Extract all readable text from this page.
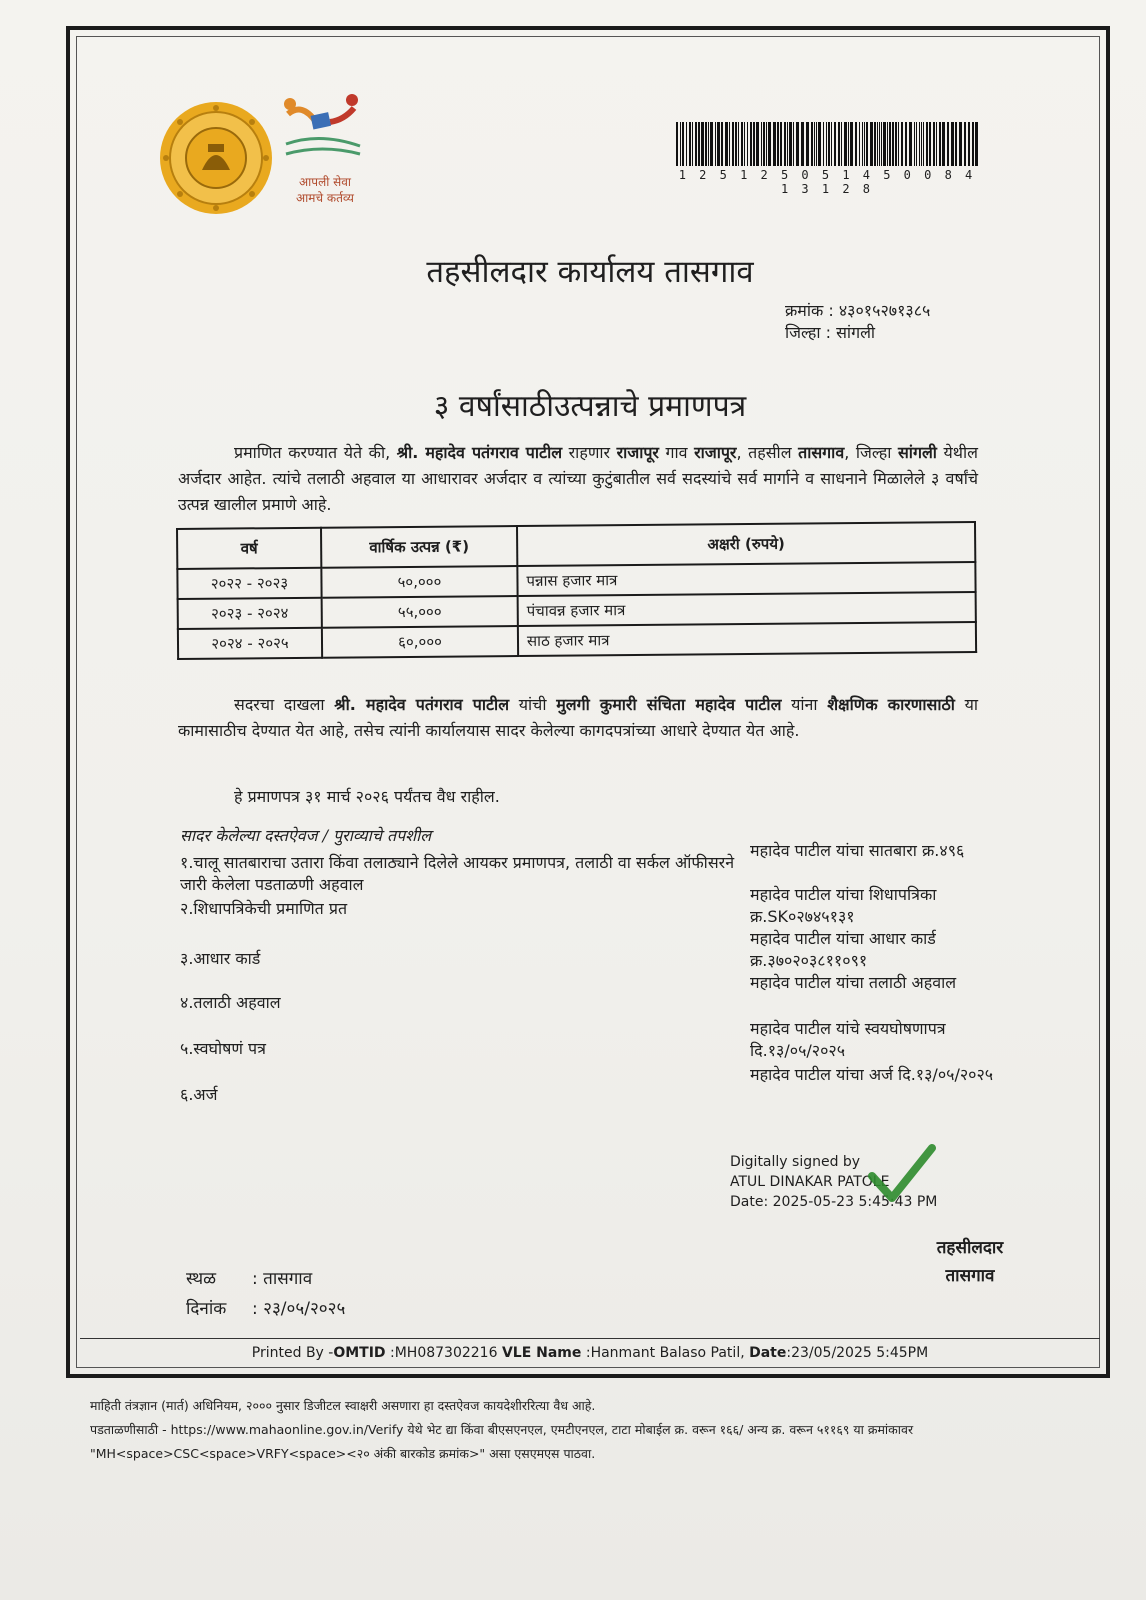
आपली सेवा
आमचे कर्तव्य
1 2 5 1 2 5 0 5 1 4 5 0 0 8 4 1 3 1 2 8
तहसीलदार कार्यालय तासगाव
क्रमांक : ४३०१५२७१३८५
जिल्हा : सांगली
३ वर्षांसाठीउत्पन्नाचे प्रमाणपत्र
प्रमाणित करण्यात येते की, श्री. महादेव पतंगराव पाटील राहणार राजापूर गाव राजापूर, तहसील तासगाव, जिल्हा सांगली येथील अर्जदार आहेत. त्यांचे तलाठी अहवाल या आधारावर अर्जदार व त्यांच्या कुटुंबातील सर्व सदस्यांचे सर्व मार्गाने व साधनाने मिळालेले ३ वर्षांचे उत्पन्न खालील प्रमाणे आहे.
वर्ष	वार्षिक उत्पन्न (₹)	अक्षरी (रुपये)
२०२२ - २०२३	५०,०००	पन्नास हजार मात्र
२०२३ - २०२४	५५,०००	पंचावन्न हजार मात्र
२०२४ - २०२५	६०,०००	साठ हजार मात्र
सदरचा दाखला श्री. महादेव पतंगराव पाटील यांची मुलगी कुमारी संचिता महादेव पाटील यांना शैक्षणिक कारणासाठी या कामासाठीच देण्यात येत आहे, तसेच त्यांनी कार्यालयास सादर केलेल्या कागदपत्रांच्या आधारे देण्यात येत आहे.
हे प्रमाणपत्र ३१ मार्च २०२६ पर्यंतच वैध राहील.
सादर केलेल्या दस्तऐवज / पुराव्याचे तपशील
१.चालू सातबाराचा उतारा किंवा तलाठ्याने दिलेले आयकर प्रमाणपत्र, तलाठी वा सर्कल ऑफीसरने जारी केलेला पडताळणी अहवाल
२.शिधापत्रिकेची प्रमाणित प्रत
३.आधार कार्ड
४.तलाठी अहवाल
५.स्वघोषणं पत्र
६.अर्ज
महादेव पाटील यांचा सातबारा क्र.४९६
महादेव पाटील यांचा शिधापत्रिका क्र.SK०२७४५१३१
महादेव पाटील यांचा आधार कार्ड क्र.३७०२०३८११०९१
महादेव पाटील यांचा तलाठी अहवाल
महादेव पाटील यांचे स्वयघोषणापत्र दि.१३/०५/२०२५
महादेव पाटील यांचा अर्ज दि.१३/०५/२०२५
Digitally signed by
ATUL DINAKAR PATOLE
Date: 2025-05-23 5:45:43 PM
तहसीलदार
तासगाव
स्थळ : तासगाव
दिनांक : २३/०५/२०२५
Printed By -OMTID :MH087302216 VLE Name :Hanmant Balaso Patil, Date:23/05/2025 5:45PM
माहिती तंत्रज्ञान (मार्त) अधिनियम, २००० नुसार डिजीटल स्वाक्षरी असणारा हा दस्तऐवज कायदेशीररित्या वैध आहे.
पडताळणीसाठी - https://www.mahaonline.gov.in/Verify येथे भेट द्या किंवा बीएसएनएल, एमटीएनएल, टाटा मोबाईल क्र. वरून १६६/ अन्य क्र. वरून ५११६९ या क्रमांकावर
"MH<space>CSC<space>VRFY<space><२० अंकी बारकोड क्रमांक>" असा एसएमएस पाठवा.
